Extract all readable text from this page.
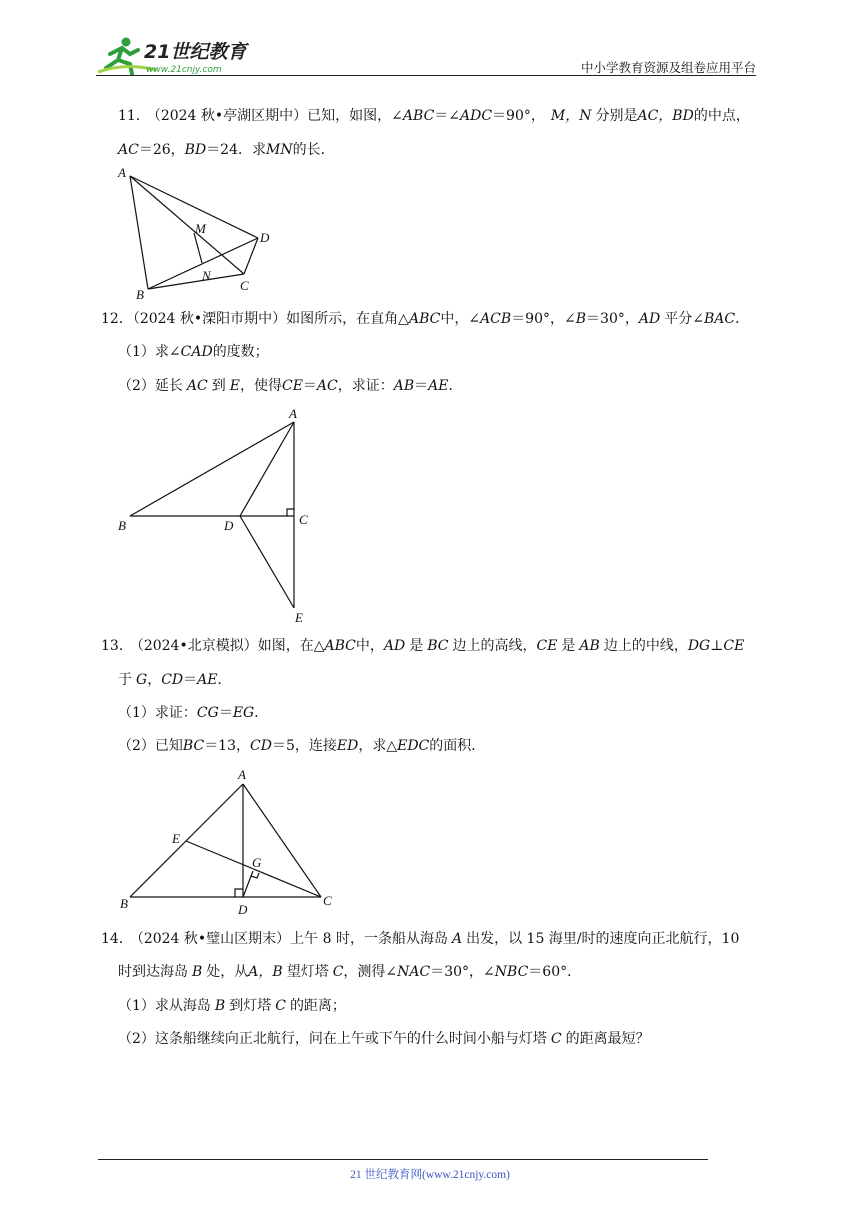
21世纪教育
www.21cnjy.com	中小学教育资源及组卷应用平台
11． （2024 秋•亭湖区期中）已知，如图，∠ABC＝∠ADC＝90°， M，N 分别是AC，BD的中点，
AC＝26，BD＝24．求MN的长．
A
B
C
D
M
N
12．（2024 秋•溧阳市期中）如图所示，在直角△ABC中，∠ACB＝90°，∠B＝30°，AD 平分∠BAC．
（1）求∠CAD的度数；
（2）延长 AC 到 E，使得CE＝AC，求证：AB＝AE．
A
B	C
D
E
13． （2024•北京模拟）如图，在△ABC中，AD 是 BC 边上的高线，CE 是 AB 边上的中线，DG⊥CE
于 G，CD＝AE．
（1）求证：CG＝EG．
（2）已知BC＝13，CD＝5，连接ED，求△EDC的面积．
A
B	C
D
E
G
14． （2024 秋•璧山区期末）上午 8 时，一条船从海岛 A 出发，以 15 海里/时的速度向正北航行，10
时到达海岛 B 处，从A，B 望灯塔 C，测得∠NAC＝30°，∠NBC＝60°．
（1）求从海岛 B 到灯塔 C 的距离；
（2）这条船继续向正北航行，问在上午或下午的什么时间小船与灯塔 C 的距离最短？
21 世纪教育网(www.21cnjy.com)
